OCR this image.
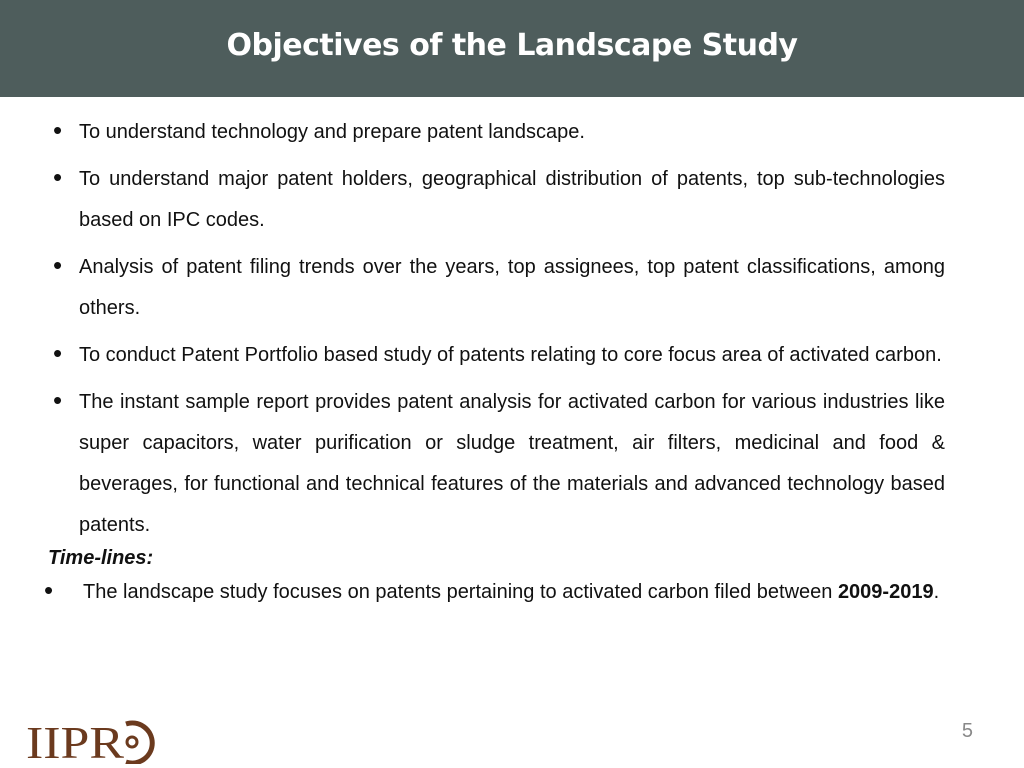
Objectives of the Landscape Study
• To understand technology and prepare patent landscape.
• To understand major patent holders, geographical distribution of patents, top sub-technologies based on IPC codes.
• Analysis of patent filing trends over the years, top assignees, top patent classifications, among others.
• To conduct Patent Portfolio based study of patents relating to core focus area of activated carbon.
• The instant sample report provides patent analysis for activated carbon for various industries like super capacitors, water purification or sludge treatment, air filters, medicinal and food & beverages, for functional and technical features of the materials and advanced technology based patents.
Time-lines:
• The landscape study focuses on patents pertaining to activated carbon filed between 2009-2019.
IIPR	5
